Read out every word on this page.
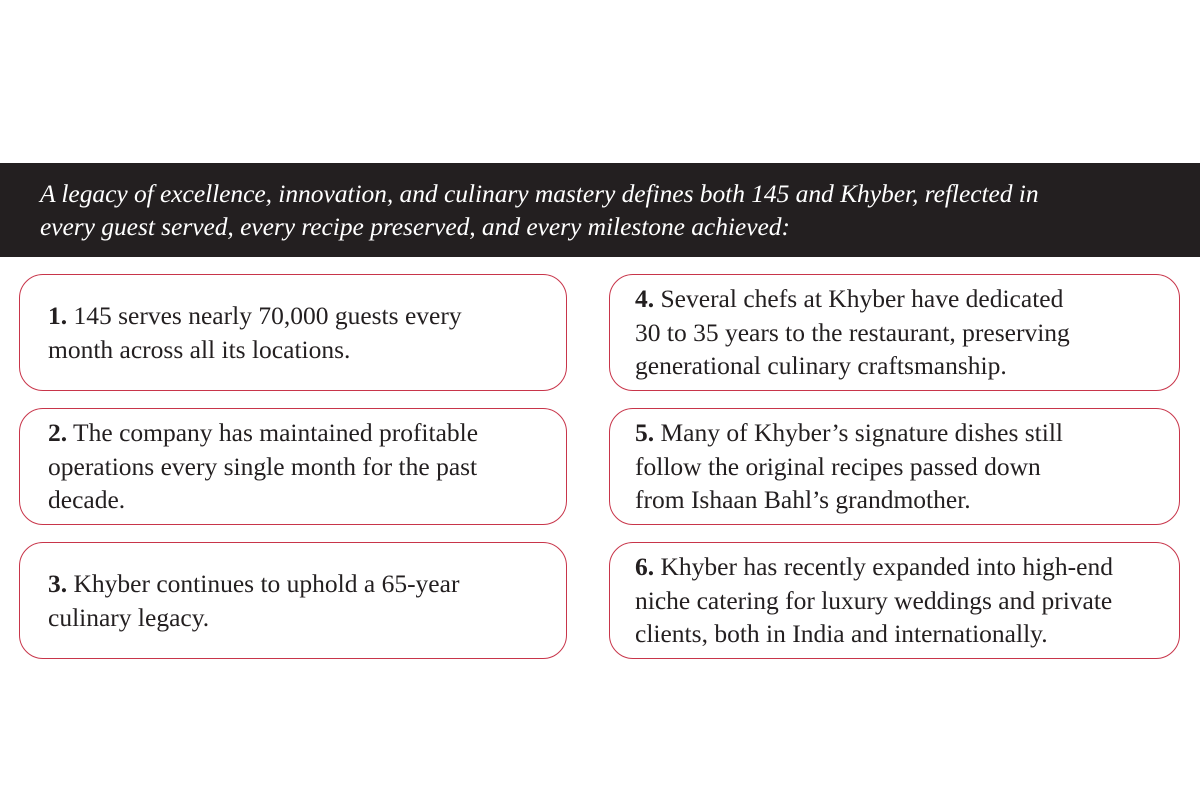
A legacy of excellence, innovation, and culinary mastery defines both 145 and Khyber, reflected in
every guest served, every recipe preserved, and every milestone achieved:

1. 145 serves nearly 70,000 guests every
month across all its locations.

2. The company has maintained profitable
operations every single month for the past
decade.

3. Khyber continues to uphold a 65-year
culinary legacy.

4. Several chefs at Khyber have dedicated
30 to 35 years to the restaurant, preserving
generational culinary craftsmanship.

5. Many of Khyber’s signature dishes still
follow the original recipes passed down
from Ishaan Bahl’s grandmother.

6. Khyber has recently expanded into high-end
niche catering for luxury weddings and private
clients, both in India and internationally.
